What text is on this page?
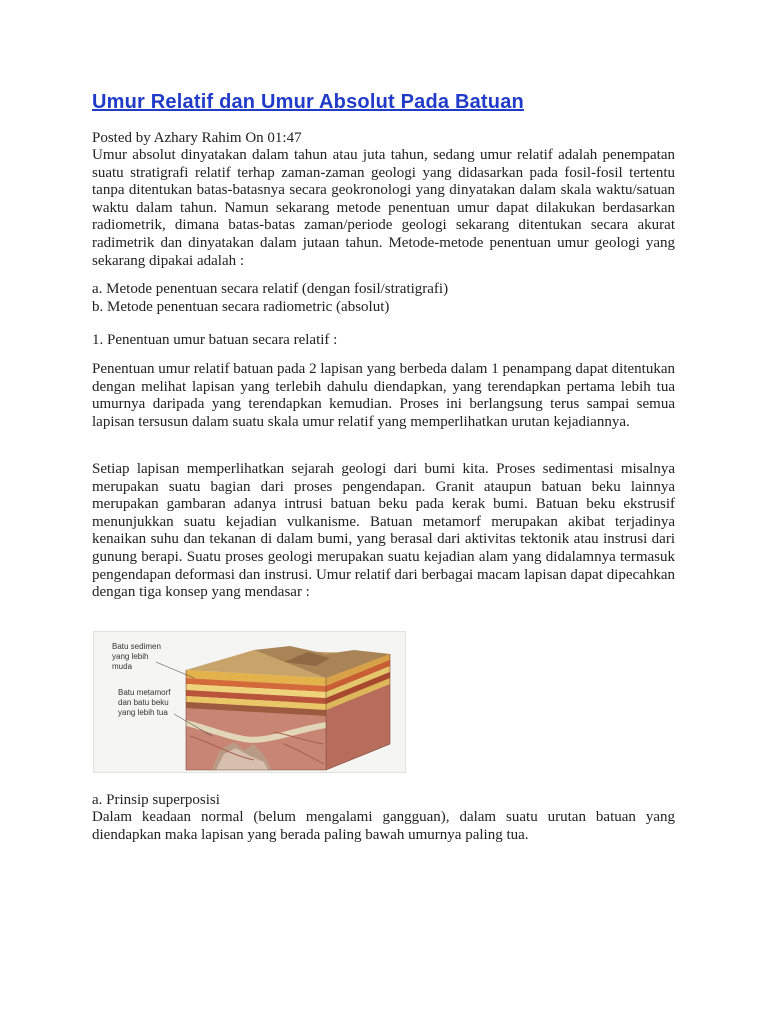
Umur Relatif dan Umur Absolut Pada Batuan

Posted by Azhary Rahim On 01:47

Umur absolut dinyatakan dalam tahun atau juta tahun, sedang umur relatif adalah penempatan suatu stratigrafi relatif terhap zaman-zaman geologi yang didasarkan pada fosil-fosil tertentu tanpa ditentukan batas-batasnya secara geokronologi yang dinyatakan dalam skala waktu/satuan waktu dalam tahun. Namun sekarang metode penentuan umur dapat dilakukan berdasarkan radiometrik, dimana batas-batas zaman/periode geologi sekarang ditentukan secara akurat radimetrik dan dinyatakan dalam jutaan tahun. Metode-metode penentuan umur geologi yang sekarang dipakai adalah :

a. Metode penentuan secara relatif (dengan fosil/stratigrafi)
b. Metode penentuan secara radiometric (absolut)

1. Penentuan umur batuan secara relatif :

Penentuan umur relatif batuan pada 2 lapisan yang berbeda dalam 1 penampang dapat ditentukan dengan melihat lapisan yang terlebih dahulu diendapkan, yang terendapkan pertama lebih tua umurnya daripada yang terendapkan kemudian. Proses ini berlangsung terus sampai semua lapisan tersusun dalam suatu skala umur relatif yang memperlihatkan urutan kejadiannya.

Setiap lapisan memperlihatkan sejarah geologi dari bumi kita. Proses sedimentasi misalnya merupakan suatu bagian dari proses pengendapan. Granit ataupun batuan beku lainnya merupakan gambaran adanya intrusi batuan beku pada kerak bumi. Batuan beku ekstrusif menunjukkan suatu kejadian vulkanisme. Batuan metamorf merupakan akibat terjadinya kenaikan suhu dan tekanan di dalam bumi, yang berasal dari aktivitas tektonik atau instrusi dari gunung berapi. Suatu proses geologi merupakan suatu kejadian alam yang didalamnya termasuk pengendapan deformasi dan instrusi. Umur relatif dari berbagai macam lapisan dapat dipecahkan dengan tiga konsep yang mendasar :

Batu sedimen
yang lebih
muda
Batu metamorf
dan batu beku
yang lebih tua

a. Prinsip superposisi

Dalam keadaan normal (belum mengalami gangguan), dalam suatu urutan batuan yang diendapkan maka lapisan yang berada paling bawah umurnya paling tua.
